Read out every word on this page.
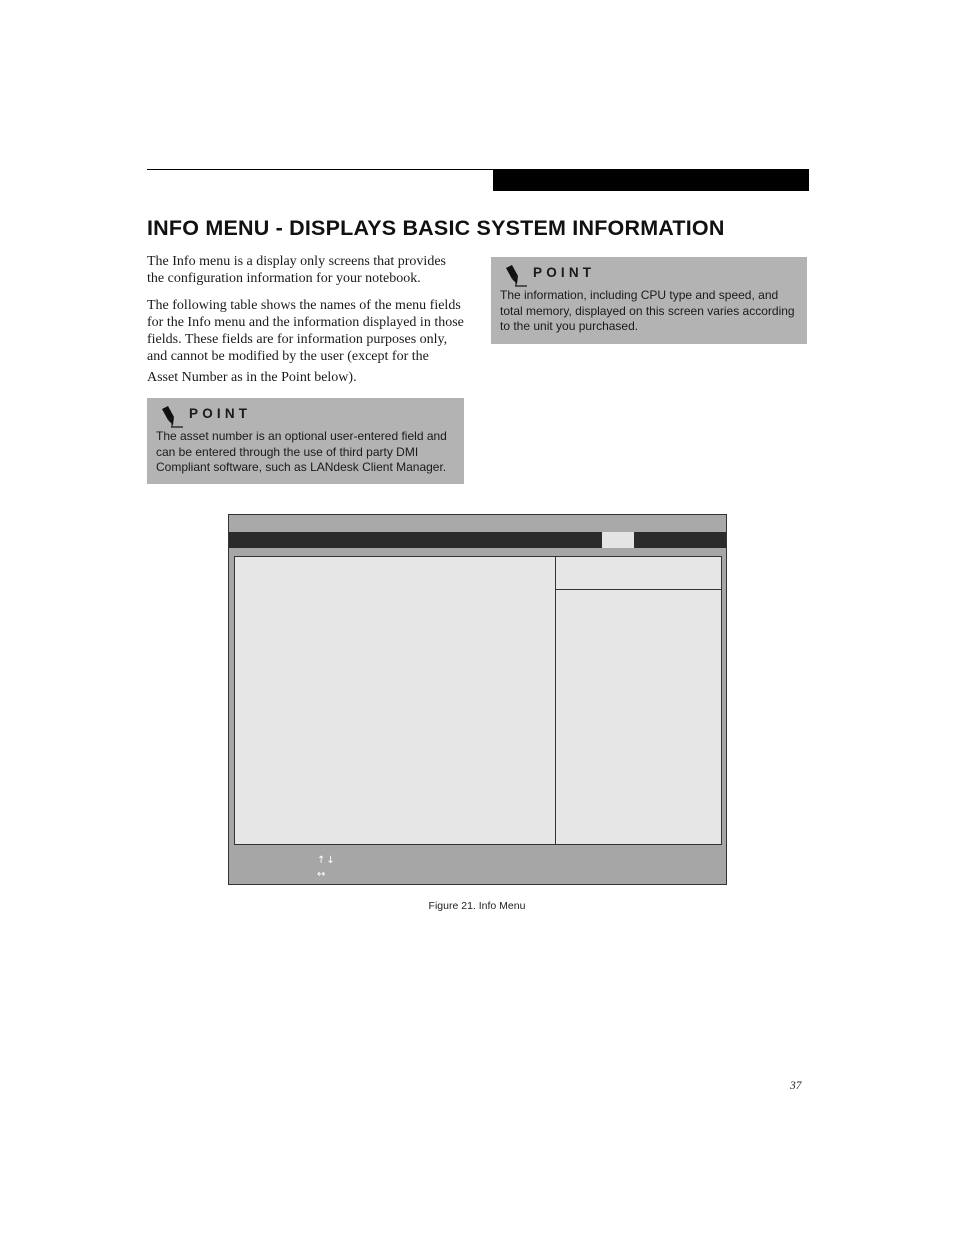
INFO MENU - DISPLAYS BASIC SYSTEM INFORMATION

The Info menu is a display only screens that provides the configuration information for your notebook.

The following table shows the names of the menu fields for the Info menu and the information displayed in those fields. These fields are for information purposes only, and cannot be modified by the user (except for the

Asset Number as in the Point below).

POINT

The asset number is an optional user-entered field and can be entered through the use of third party DMI Compliant software, such as LANdesk Client Manager.

POINT

The information, including CPU type and speed, and total memory, displayed on this screen varies according to the unit you purchased.

↑↓
↔
Figure 21. Info Menu
37
